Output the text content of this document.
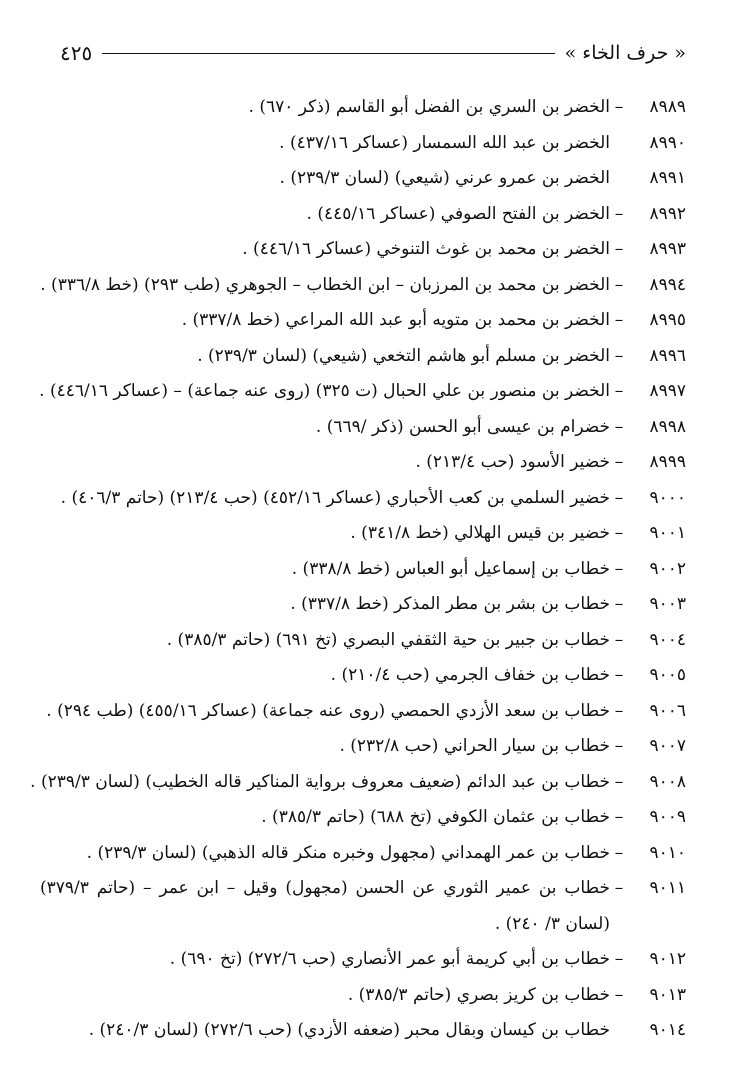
« حرف الخاء »
٤٢٥
٨٩٨٩
–
الخضر بن السري بن الفضل أبو القاسم (ذكر ٦٧٠) .
٨٩٩٠
الخضر بن عبد الله السمسار (عساكر ٤٣٧/١٦) .
٨٩٩١
الخضر بن عمرو عرني (شيعي) (لسان ٢٣٩/٣) .
٨٩٩٢
–
الخضر بن الفتح الصوفي (عساكر ٤٤٥/١٦) .
٨٩٩٣
–
الخضر بن محمد بن غوث التنوخي (عساكر ٤٤٦/١٦) .
٨٩٩٤
–
الخضر بن محمد بن المرزبان – ابن الخطاب – الجوهري (طب ٢٩٣) (خط ٣٣٦/٨) .
٨٩٩٥
–
الخضر بن محمد بن متويه أبو عبد الله المراعي (خط ٣٣٧/٨) .
٨٩٩٦
–
الخضر بن مسلم أبو هاشم التخعي (شيعي) (لسان ٢٣٩/٣) .
٨٩٩٧
–
الخضر بن منصور بن علي الحبال (ت ٣٢٥) (روى عنه جماعة) – (عساكر ٤٤٦/١٦) .
٨٩٩٨
–
خضرام بن عيسى أبو الحسن (ذكر /٦٦٩) .
٨٩٩٩
–
خضير الأسود (حب ٢١٣/٤) .
٩٠٠٠
–
خضير السلمي بن كعب الأحباري (عساكر ٤٥٢/١٦) (حب ٢١٣/٤) (حاتم ٤٠٦/٣) .
٩٠٠١
–
خضير بن قيس الهلالي (خط ٣٤١/٨) .
٩٠٠٢
–
خطاب بن إسماعيل أبو العباس (خط ٣٣٨/٨) .
٩٠٠٣
–
خطاب بن بشر بن مطر المذكر (خط ٣٣٧/٨) .
٩٠٠٤
–
خطاب بن جبير بن حية الثقفي البصري (تخ ٦٩١) (حاتم ٣٨٥/٣) .
٩٠٠٥
–
خطاب بن خفاف الجرمي (حب ٢١٠/٤) .
٩٠٠٦
–
خطاب بن سعد الأزدي الحمصي (روى عنه جماعة) (عساكر ٤٥٥/١٦) (طب ٢٩٤) .
٩٠٠٧
–
خطاب بن سيار الحراني (حب ٢٣٢/٨) .
٩٠٠٨
–
خطاب بن عبد الدائم (ضعيف معروف برواية المناكير قاله الخطيب) (لسان ٢٣٩/٣) .
٩٠٠٩
–
خطاب بن عثمان الكوفي (تخ ٦٨٨) (حاتم ٣٨٥/٣) .
٩٠١٠
–
خطاب بن عمر الهمداني (مجهول وخبره منكر قاله الذهبي) (لسان ٢٣٩/٣) .
٩٠١١
–
خطاب بن عمير الثوري عن الحسن (مجهول) وقيل – ابن عمر – (حاتم ٣٧٩/٣) (لسان ٣/ ٢٤٠) .
٩٠١٢
–
خطاب بن أبي كريمة أبو عمر الأنصاري (حب ٢٧٢/٦) (تخ ٦٩٠) .
٩٠١٣
–
خطاب بن كريز بصري (حاتم ٣٨٥/٣) .
٩٠١٤
خطاب بن كيسان وبقال محبر (ضعفه الأزدي) (حب ٢٧٢/٦) (لسان ٢٤٠/٣) .
